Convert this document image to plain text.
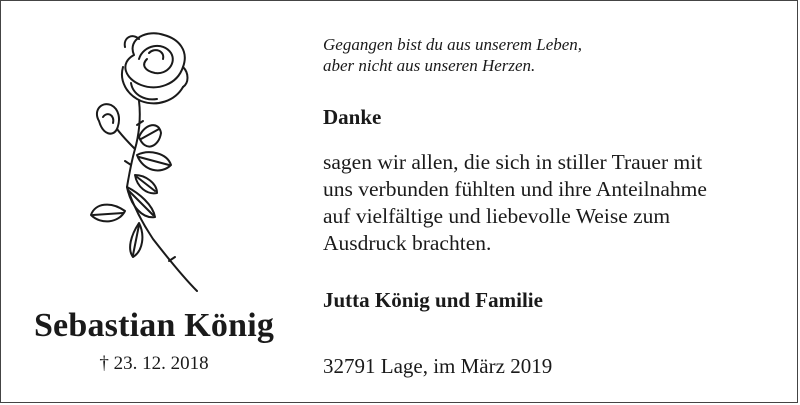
Sebastian König
† 23. 12. 2018
Gegangen bist du aus unserem Leben,
aber nicht aus unseren Herzen.
Danke
sagen wir allen, die sich in stiller Trauer mit
uns verbunden fühlten und ihre Anteilnahme
auf vielfältige und liebevolle Weise zum
Ausdruck brachten.
Jutta König und Familie
32791 Lage, im März 2019
